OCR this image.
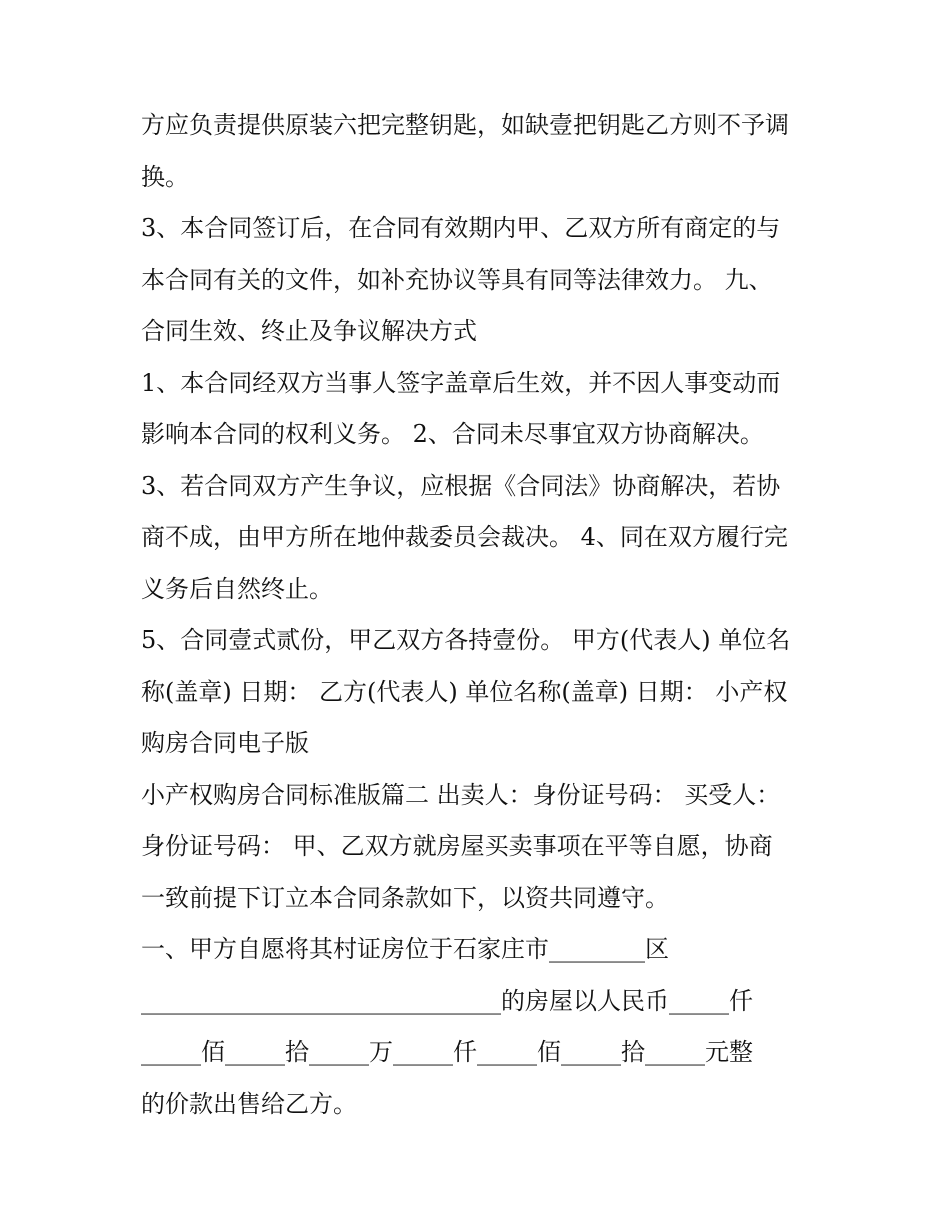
方应负责提供原装六把完整钥匙，如缺壹把钥匙乙方则不予调

换。

3、本合同签订后，在合同有效期内甲、乙双方所有商定的与

本合同有关的文件，如补充协议等具有同等法律效力。 九、

合同生效、终止及争议解决方式

1、本合同经双方当事人签字盖章后生效，并不因人事变动而

影响本合同的权利义务。 2、合同未尽事宜双方协商解决。

3、若合同双方产生争议，应根据《合同法》协商解决，若协

商不成，由甲方所在地仲裁委员会裁决。 4、同在双方履行完

义务后自然终止。

5、合同壹式贰份，甲乙双方各持壹份。 甲方(代表人) 单位名

称(盖章) 日期： 乙方(代表人) 单位名称(盖章) 日期： 小产权

购房合同电子版

小产权购房合同标准版篇二 出卖人：身份证号码： 买受人：

身份证号码： 甲、乙双方就房屋买卖事项在平等自愿，协商

一致前提下订立本合同条款如下，以资共同遵守。

一、甲方自愿将其村证房位于石家庄市________区

______________________________的房屋以人民币_____仟

_____佰_____拾_____万_____仟_____佰_____拾_____元整

的价款出售给乙方。
